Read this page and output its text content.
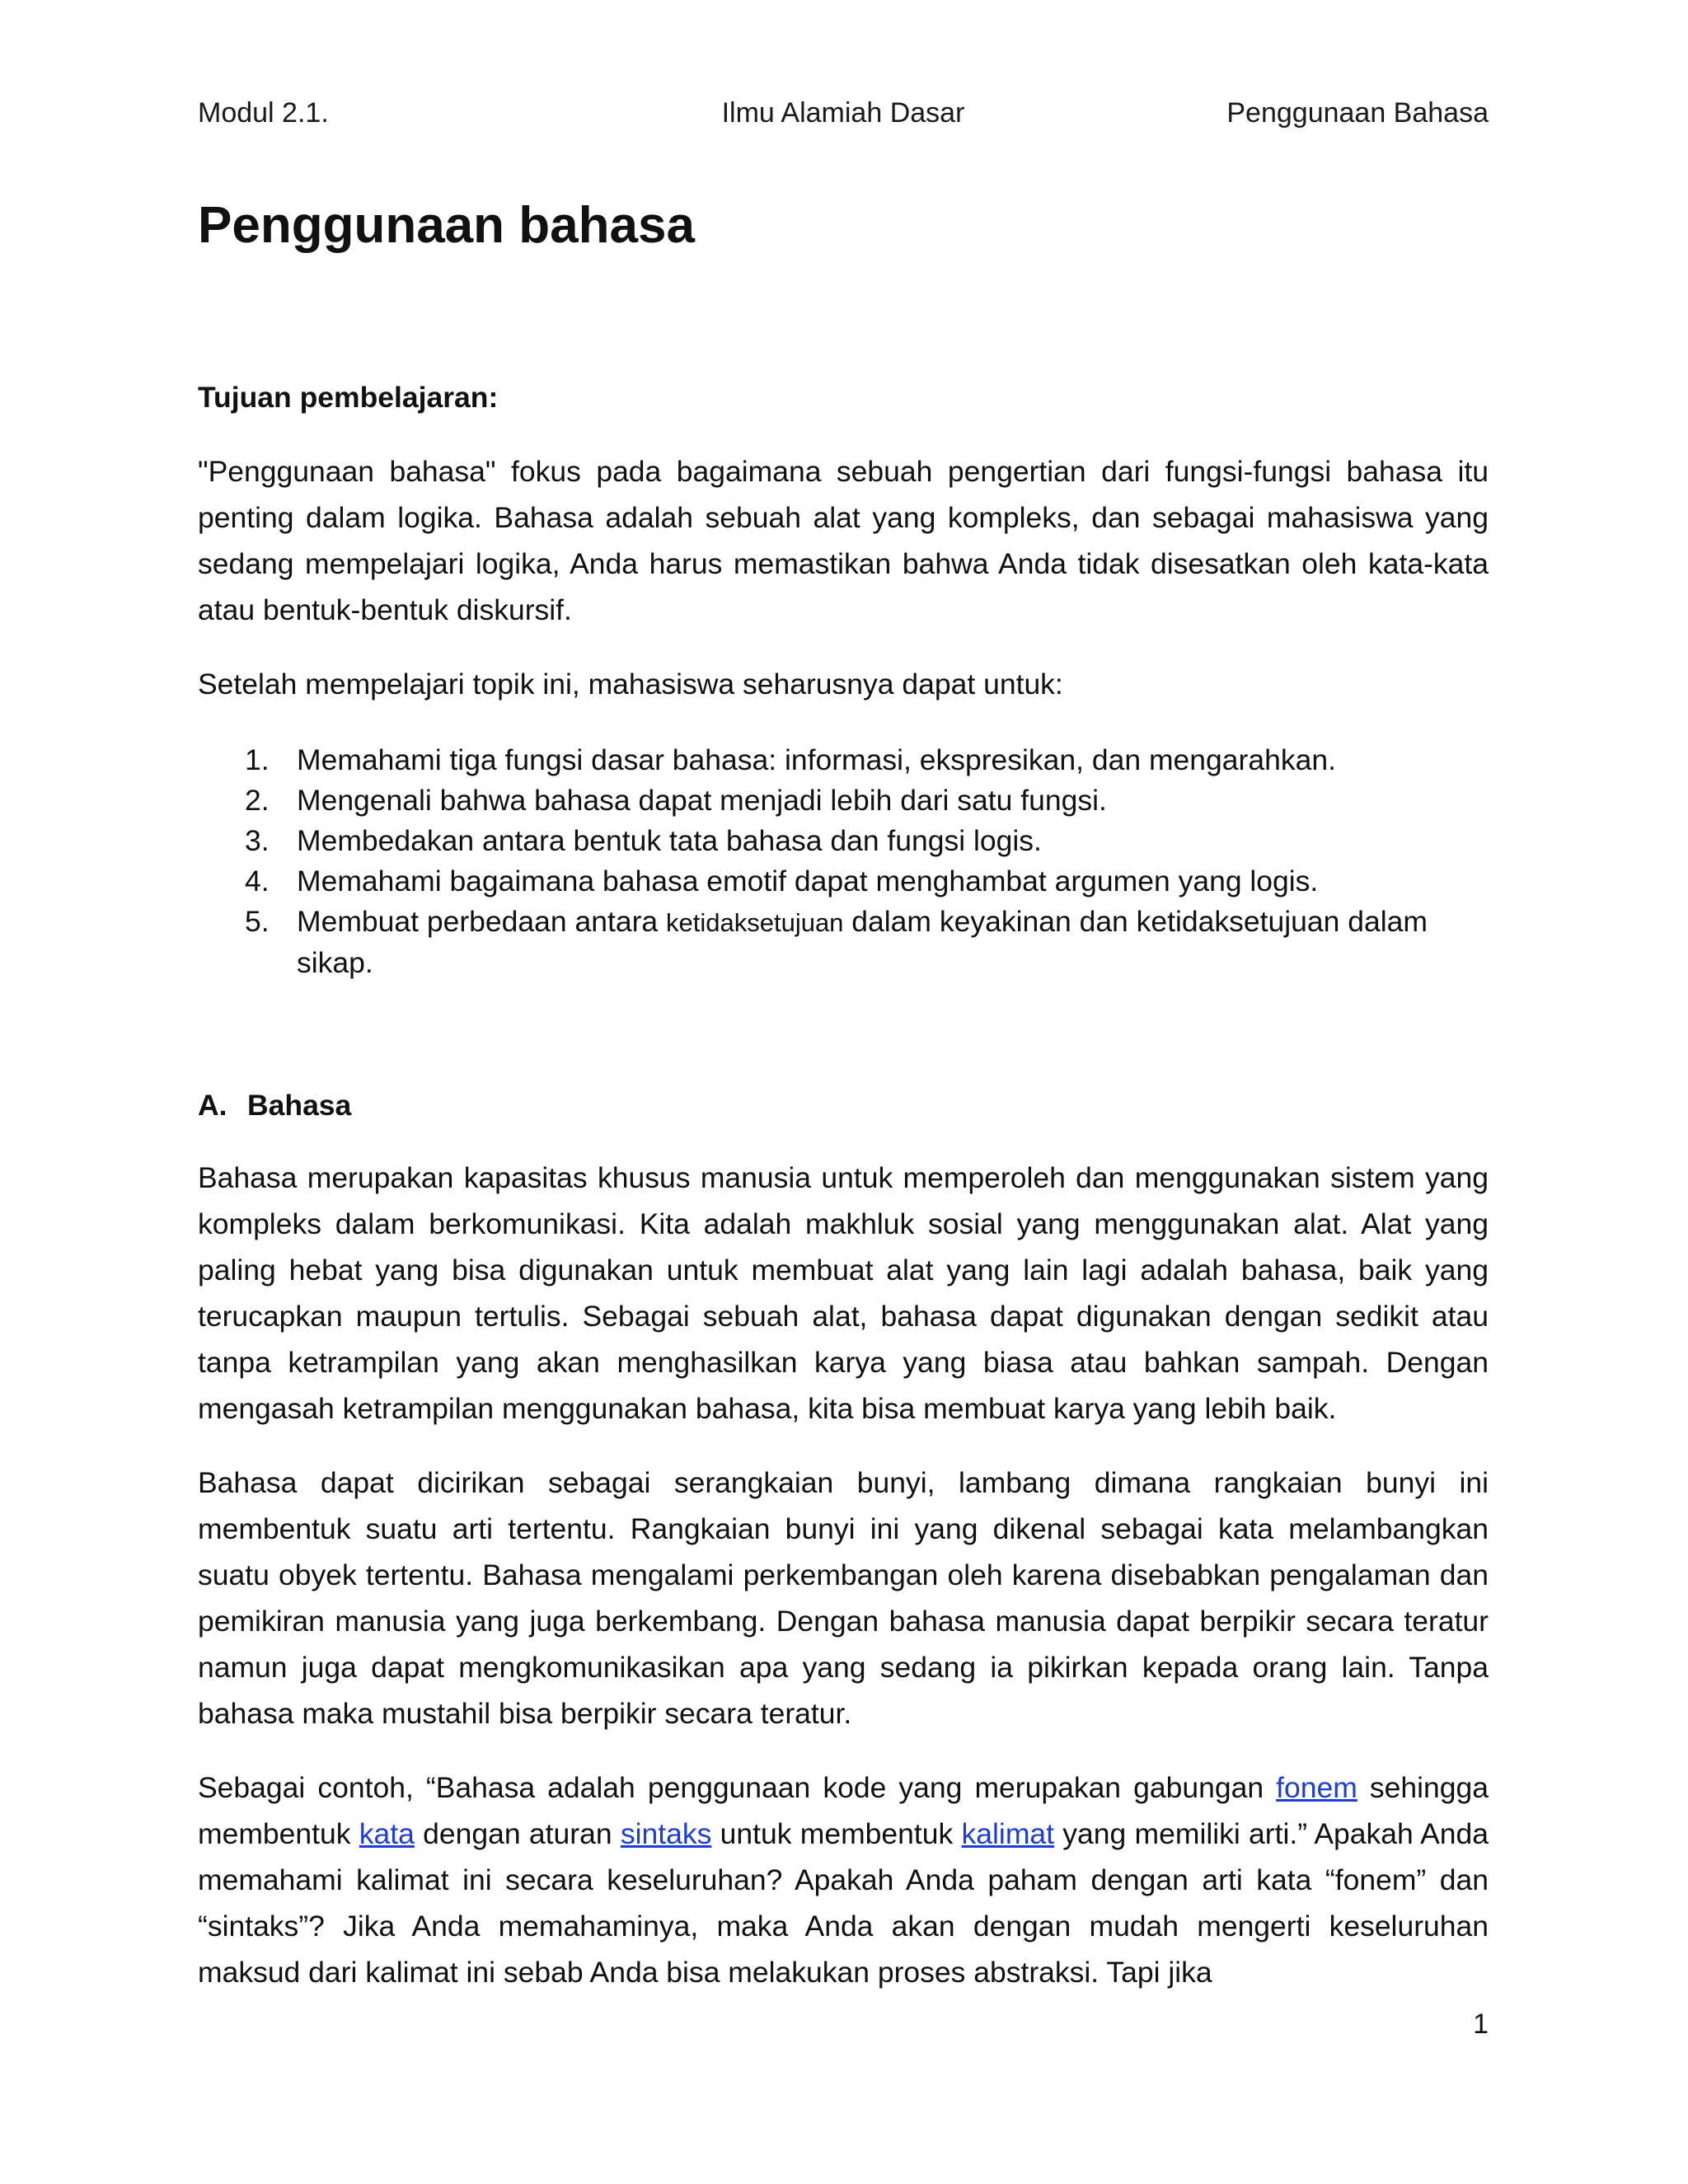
Modul 2.1.	Ilmu Alamiah Dasar	Penggunaan Bahasa
Penggunaan bahasa
Tujuan pembelajaran:

"Penggunaan bahasa" fokus pada bagaimana sebuah pengertian dari fungsi-fungsi bahasa itu penting dalam logika. Bahasa adalah sebuah alat yang kompleks, dan sebagai mahasiswa yang sedang mempelajari logika, Anda harus memastikan bahwa Anda tidak disesatkan oleh kata-kata atau bentuk-bentuk diskursif.

Setelah mempelajari topik ini, mahasiswa seharusnya dapat untuk:

1. Memahami tiga fungsi dasar bahasa: informasi, ekspresikan, dan mengarahkan.
2. Mengenali bahwa bahasa dapat menjadi lebih dari satu fungsi.
3. Membedakan antara bentuk tata bahasa dan fungsi logis.
4. Memahami bagaimana bahasa emotif dapat menghambat argumen yang logis.
5. Membuat perbedaan antara ketidaksetujuan dalam keyakinan dan ketidaksetujuan dalam sikap.
A. Bahasa

Bahasa merupakan kapasitas khusus manusia untuk memperoleh dan menggunakan sistem yang kompleks dalam berkomunikasi. Kita adalah makhluk sosial yang menggunakan alat. Alat yang paling hebat yang bisa digunakan untuk membuat alat yang lain lagi adalah bahasa, baik yang terucapkan maupun tertulis. Sebagai sebuah alat, bahasa dapat digunakan dengan sedikit atau tanpa ketrampilan yang akan menghasilkan karya yang biasa atau bahkan sampah. Dengan mengasah ketrampilan menggunakan bahasa, kita bisa membuat karya yang lebih baik.

Bahasa dapat dicirikan sebagai serangkaian bunyi, lambang dimana rangkaian bunyi ini membentuk suatu arti tertentu. Rangkaian bunyi ini yang dikenal sebagai kata melambangkan suatu obyek tertentu. Bahasa mengalami perkembangan oleh karena disebabkan pengalaman dan pemikiran manusia yang juga berkembang. Dengan bahasa manusia dapat berpikir secara teratur namun juga dapat mengkomunikasikan apa yang sedang ia pikirkan kepada orang lain. Tanpa bahasa maka mustahil bisa berpikir secara teratur.

Sebagai contoh, “Bahasa adalah penggunaan kode yang merupakan gabungan fonem sehingga membentuk kata dengan aturan sintaks untuk membentuk kalimat yang memiliki arti.” Apakah Anda memahami kalimat ini secara keseluruhan? Apakah Anda paham dengan arti kata “fonem” dan “sintaks”? Jika Anda memahaminya, maka Anda akan dengan mudah mengerti keseluruhan maksud dari kalimat ini sebab Anda bisa melakukan proses abstraksi. Tapi jika

1
